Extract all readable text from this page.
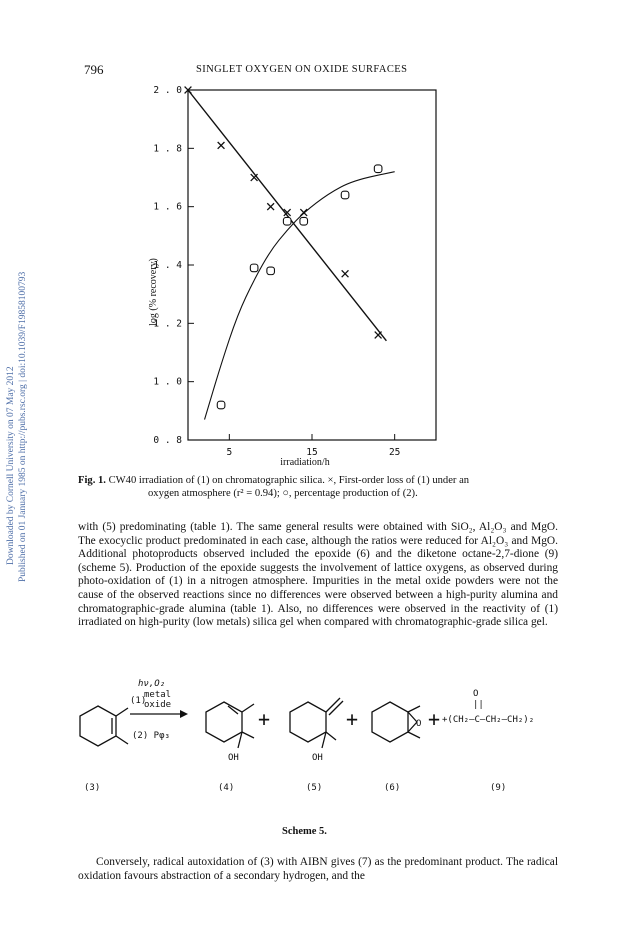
796	SINGLET OXYGEN ON OXIDE SURFACES
Downloaded by Cornell University on 07 May 2012 Published on 01 January 1985 on http://pubs.rsc.org | doi:10.1039/F19858100793	0 . 8
1 . 0
1 . 2
1 . 4
1 . 6
1 . 8
2 . 0
5	15	25
irradiation/h
log (% recovery)
Fig. 1. CW40 irradiation of (1) on chromatographic silica. ×, First-order loss of (1) under an
oxygen atmosphere (r² = 0.94); ○, percentage production of (2).
with (5) predominating (table 1). The same general results were obtained with SiO₂, Al₂O₃ and MgO. The exocyclic product predominated in each case, although the ratios were reduced for Al₂O₃ and MgO. Additional photoproducts observed included the epoxide (6) and the diketone octane-2,7-dione (9) (scheme 5). Production of the epoxide suggests the involvement of lattice oxygens, as observed during photo-oxidation of (1) in a nitrogen atmosphere. Impurities in the metal oxide powders were not the cause of the observed reactions since no differences were observed between a high-purity alumina and chromatographic-grade alumina (table 1). Also, no differences were observed in the reactivity of (1) irradiated on high-purity (low metals) silica gel when compared with chromatographic-grade silica gel.
hν,O₂
(1)
metal
oxide
(2) Pφ₃
OH
+
OH
+	O +
O
||
+(CH₂–C–CH₂–CH₂)₂
(3)	(4)	(5)	(6)	(9)
Scheme 5.

Conversely, radical autoxidation of (3) with AIBN gives (7) as the predominant product. The radical oxidation favours abstraction of a secondary hydrogen, and the
